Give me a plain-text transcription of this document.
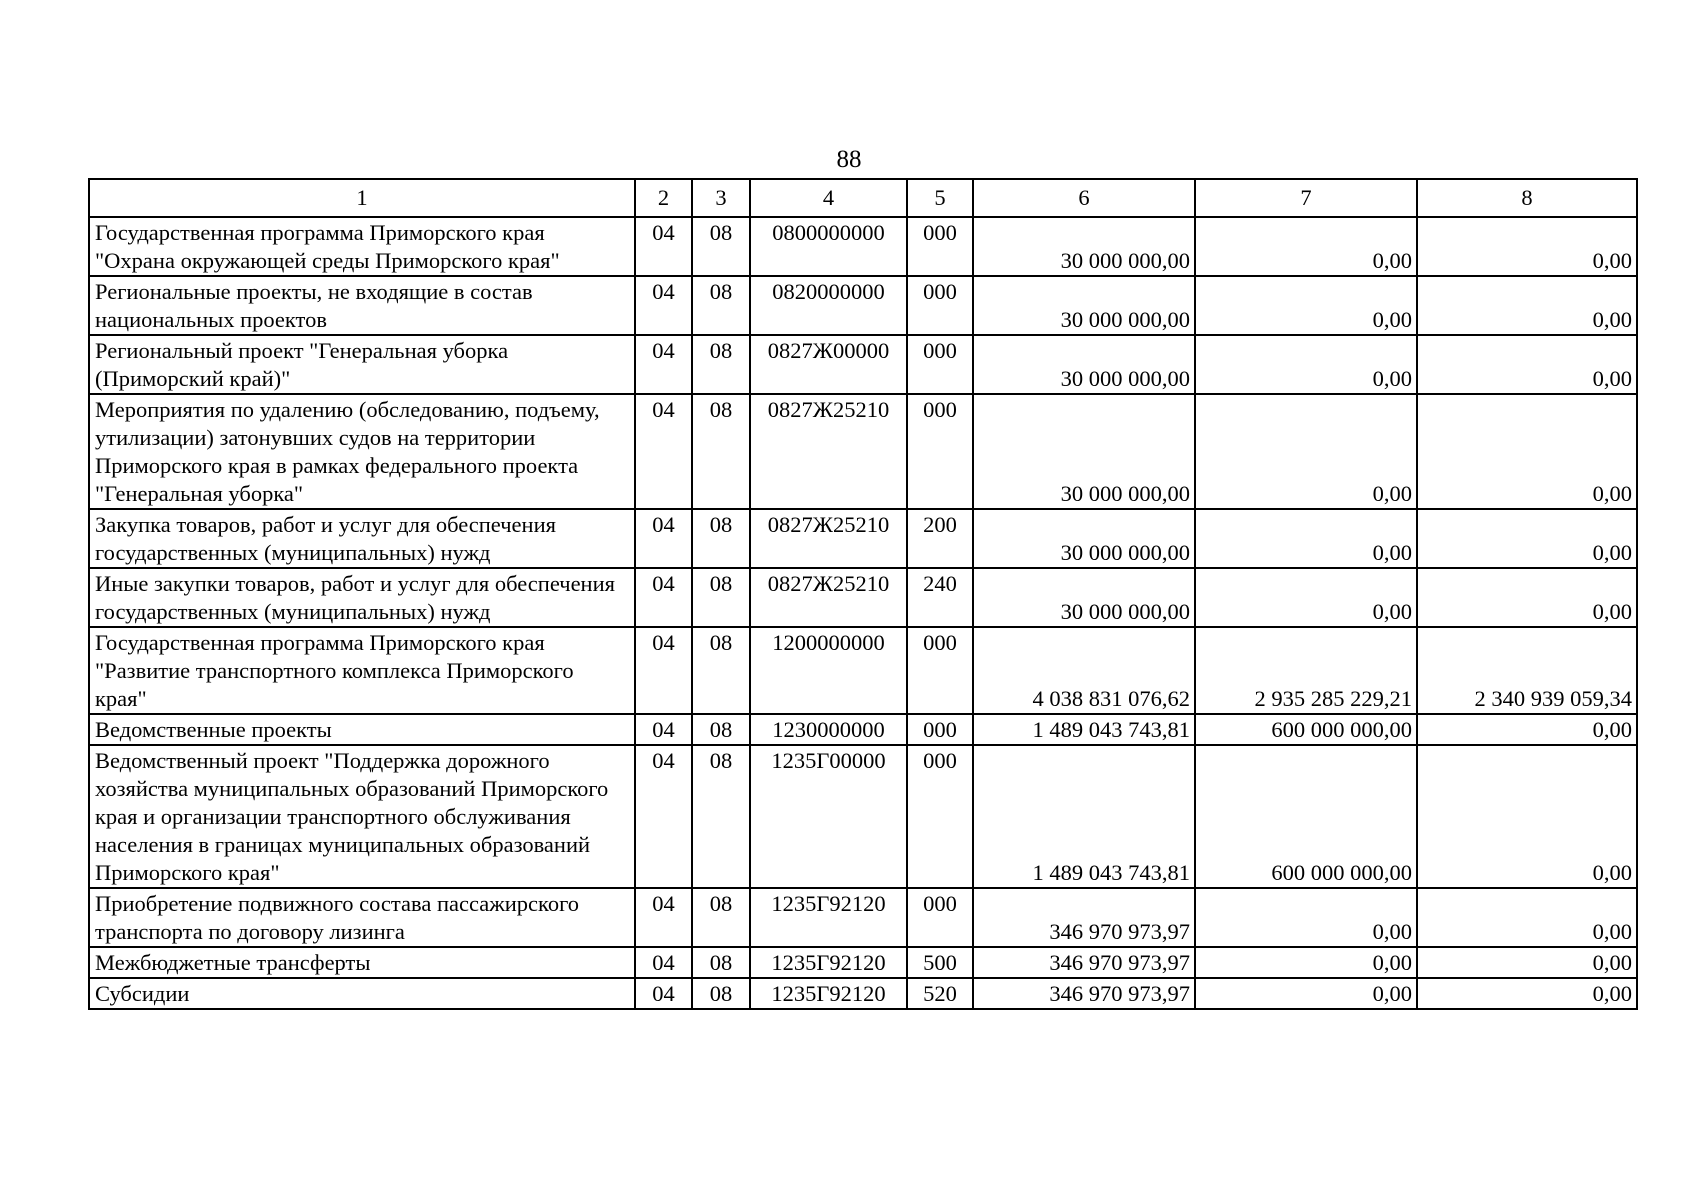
88
1	2	3	4	5	6	7	8
Государственная программа Приморского края "Охрана окружающей среды Приморского края"	04	08	0800000000	000	30 000 000,00	0,00	0,00
Региональные проекты, не входящие в состав национальных проектов	04	08	0820000000	000	30 000 000,00	0,00	0,00
Региональный проект "Генеральная уборка (Приморский край)"	04	08	0827Ж00000	000	30 000 000,00	0,00	0,00
Мероприятия по удалению (обследованию, подъему, утилизации) затонувших судов на территории Приморского края в рамках федерального проекта "Генеральная уборка"	04	08	0827Ж25210	000	30 000 000,00	0,00	0,00
Закупка товаров, работ и услуг для обеспечения государственных (муниципальных) нужд	04	08	0827Ж25210	200	30 000 000,00	0,00	0,00
Иные закупки товаров, работ и услуг для обеспечения государственных (муниципальных) нужд	04	08	0827Ж25210	240	30 000 000,00	0,00	0,00
Государственная программа Приморского края "Развитие транспортного комплекса Приморского края"	04	08	1200000000	000	4 038 831 076,62	2 935 285 229,21	2 340 939 059,34
Ведомственные проекты	04	08	1230000000	000	1 489 043 743,81	600 000 000,00	0,00
Ведомственный проект "Поддержка дорожного хозяйства муниципальных образований Приморского края и организации транспортного обслуживания населения в границах муниципальных образований Приморского края"	04	08	1235Г00000	000	1 489 043 743,81	600 000 000,00	0,00
Приобретение подвижного состава пассажирского транспорта по договору лизинга	04	08	1235Г92120	000	346 970 973,97	0,00	0,00
Межбюджетные трансферты	04	08	1235Г92120	500	346 970 973,97	0,00	0,00
Субсидии	04	08	1235Г92120	520	346 970 973,97	0,00	0,00
